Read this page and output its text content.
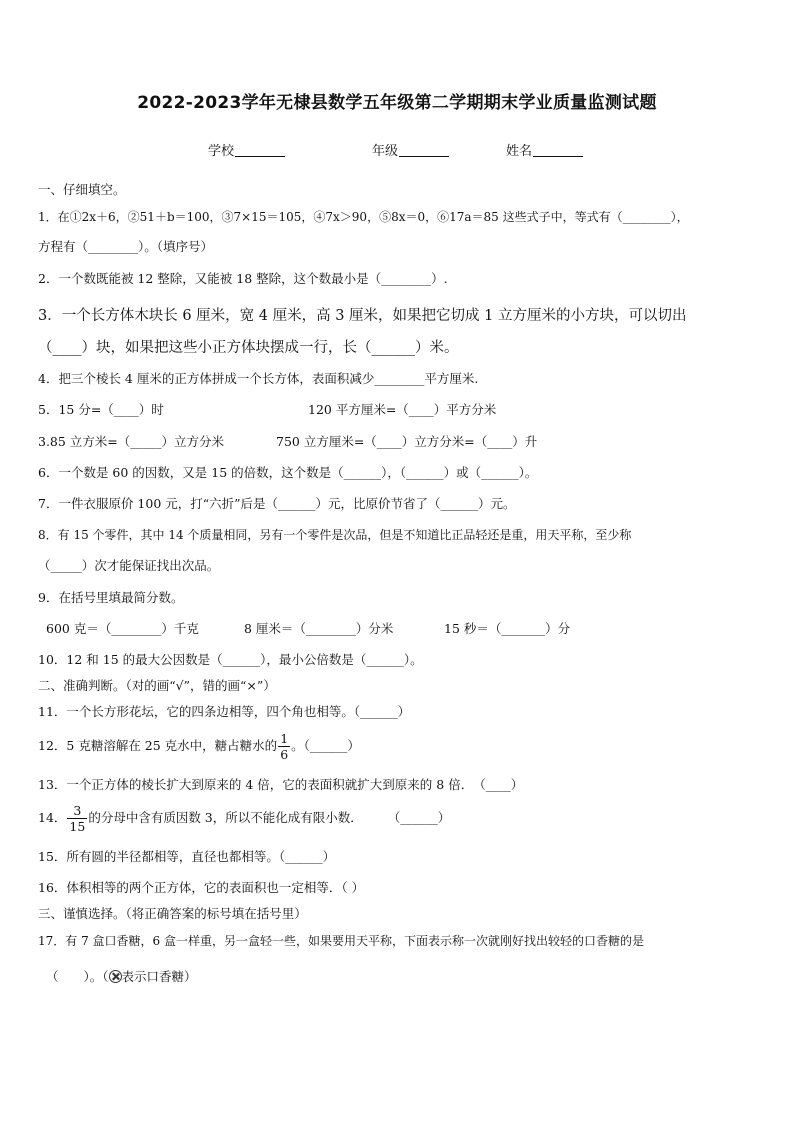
2022-2023学年无棣县数学五年级第二学期期末学业质量监测试题
学校	年级	姓名
一、仔细填空。
1．在①2x＋6，②51＋b＝100，③7×15＝105，④7x＞90，⑤8x＝0，⑥17a＝85 这些式子中，等式有（________），
方程有（________）。（填序号）
2．一个数既能被 12 整除，又能被 18 整除，这个数最小是（________）.
3．一个长方体木块长 6 厘米，宽 4 厘米，高 3 厘米，如果把它切成 1 立方厘米的小方块，可以切出
（____）块，如果把这些小正方体块摆成一行，长（______）米。
4．把三个棱长 4 厘米的正方体拼成一个长方体，表面积减少________平方厘米.
5．15 分=（____）时	120 平方厘米=（____）平方分米
3.85 立方米=（_____）立方分米	750 立方厘米=（____）立方分米=（____）升
6．一个数是 60 的因数，又是 15 的倍数，这个数是（______），（______）或（______）。
7．一件衣服原价 100 元，打“六折”后是（______）元，比原价节省了（______）元。
8．有 15 个零件，其中 14 个质量相同，另有一个零件是次品，但是不知道比正品轻还是重，用天平称，至少称
（_____）次才能保证找出次品。
9．在括号里填最简分数。
600 克＝（________）千克	8 厘米＝（________）分米	15 秒＝（_______）分
10．12 和 15 的最大公因数是（______），最小公倍数是（______）。
二、准确判断。（对的画“√”，错的画“×”）
11．一个长方形花坛，它的四条边相等，四个角也相等。（______）
12．5 克糖溶解在 25 克水中，糖占糖水的 $\frac{1}{6}$ 。（______）
13．一个正方体的棱长扩大到原来的 4 倍，它的表面积就扩大到原来的 8 倍．　（____）
14． $\frac{3}{15}$ 的分母中含有质因数 3，所以不能化成有限小数．　　　（______）
15．所有圆的半径都相等，直径也都相等。（______）
16．体积相等的两个正方体，它的表面积也一定相等．（ ）
三、谨慎选择。（将正确答案的标号填在括号里）
17．有 7 盒口香糖，6 盒一样重，另一盒轻一些，如果要用天平称，下面表示称一次就刚好找出较轻的口香糖的是
（　　）。（ 表示口香糖）
